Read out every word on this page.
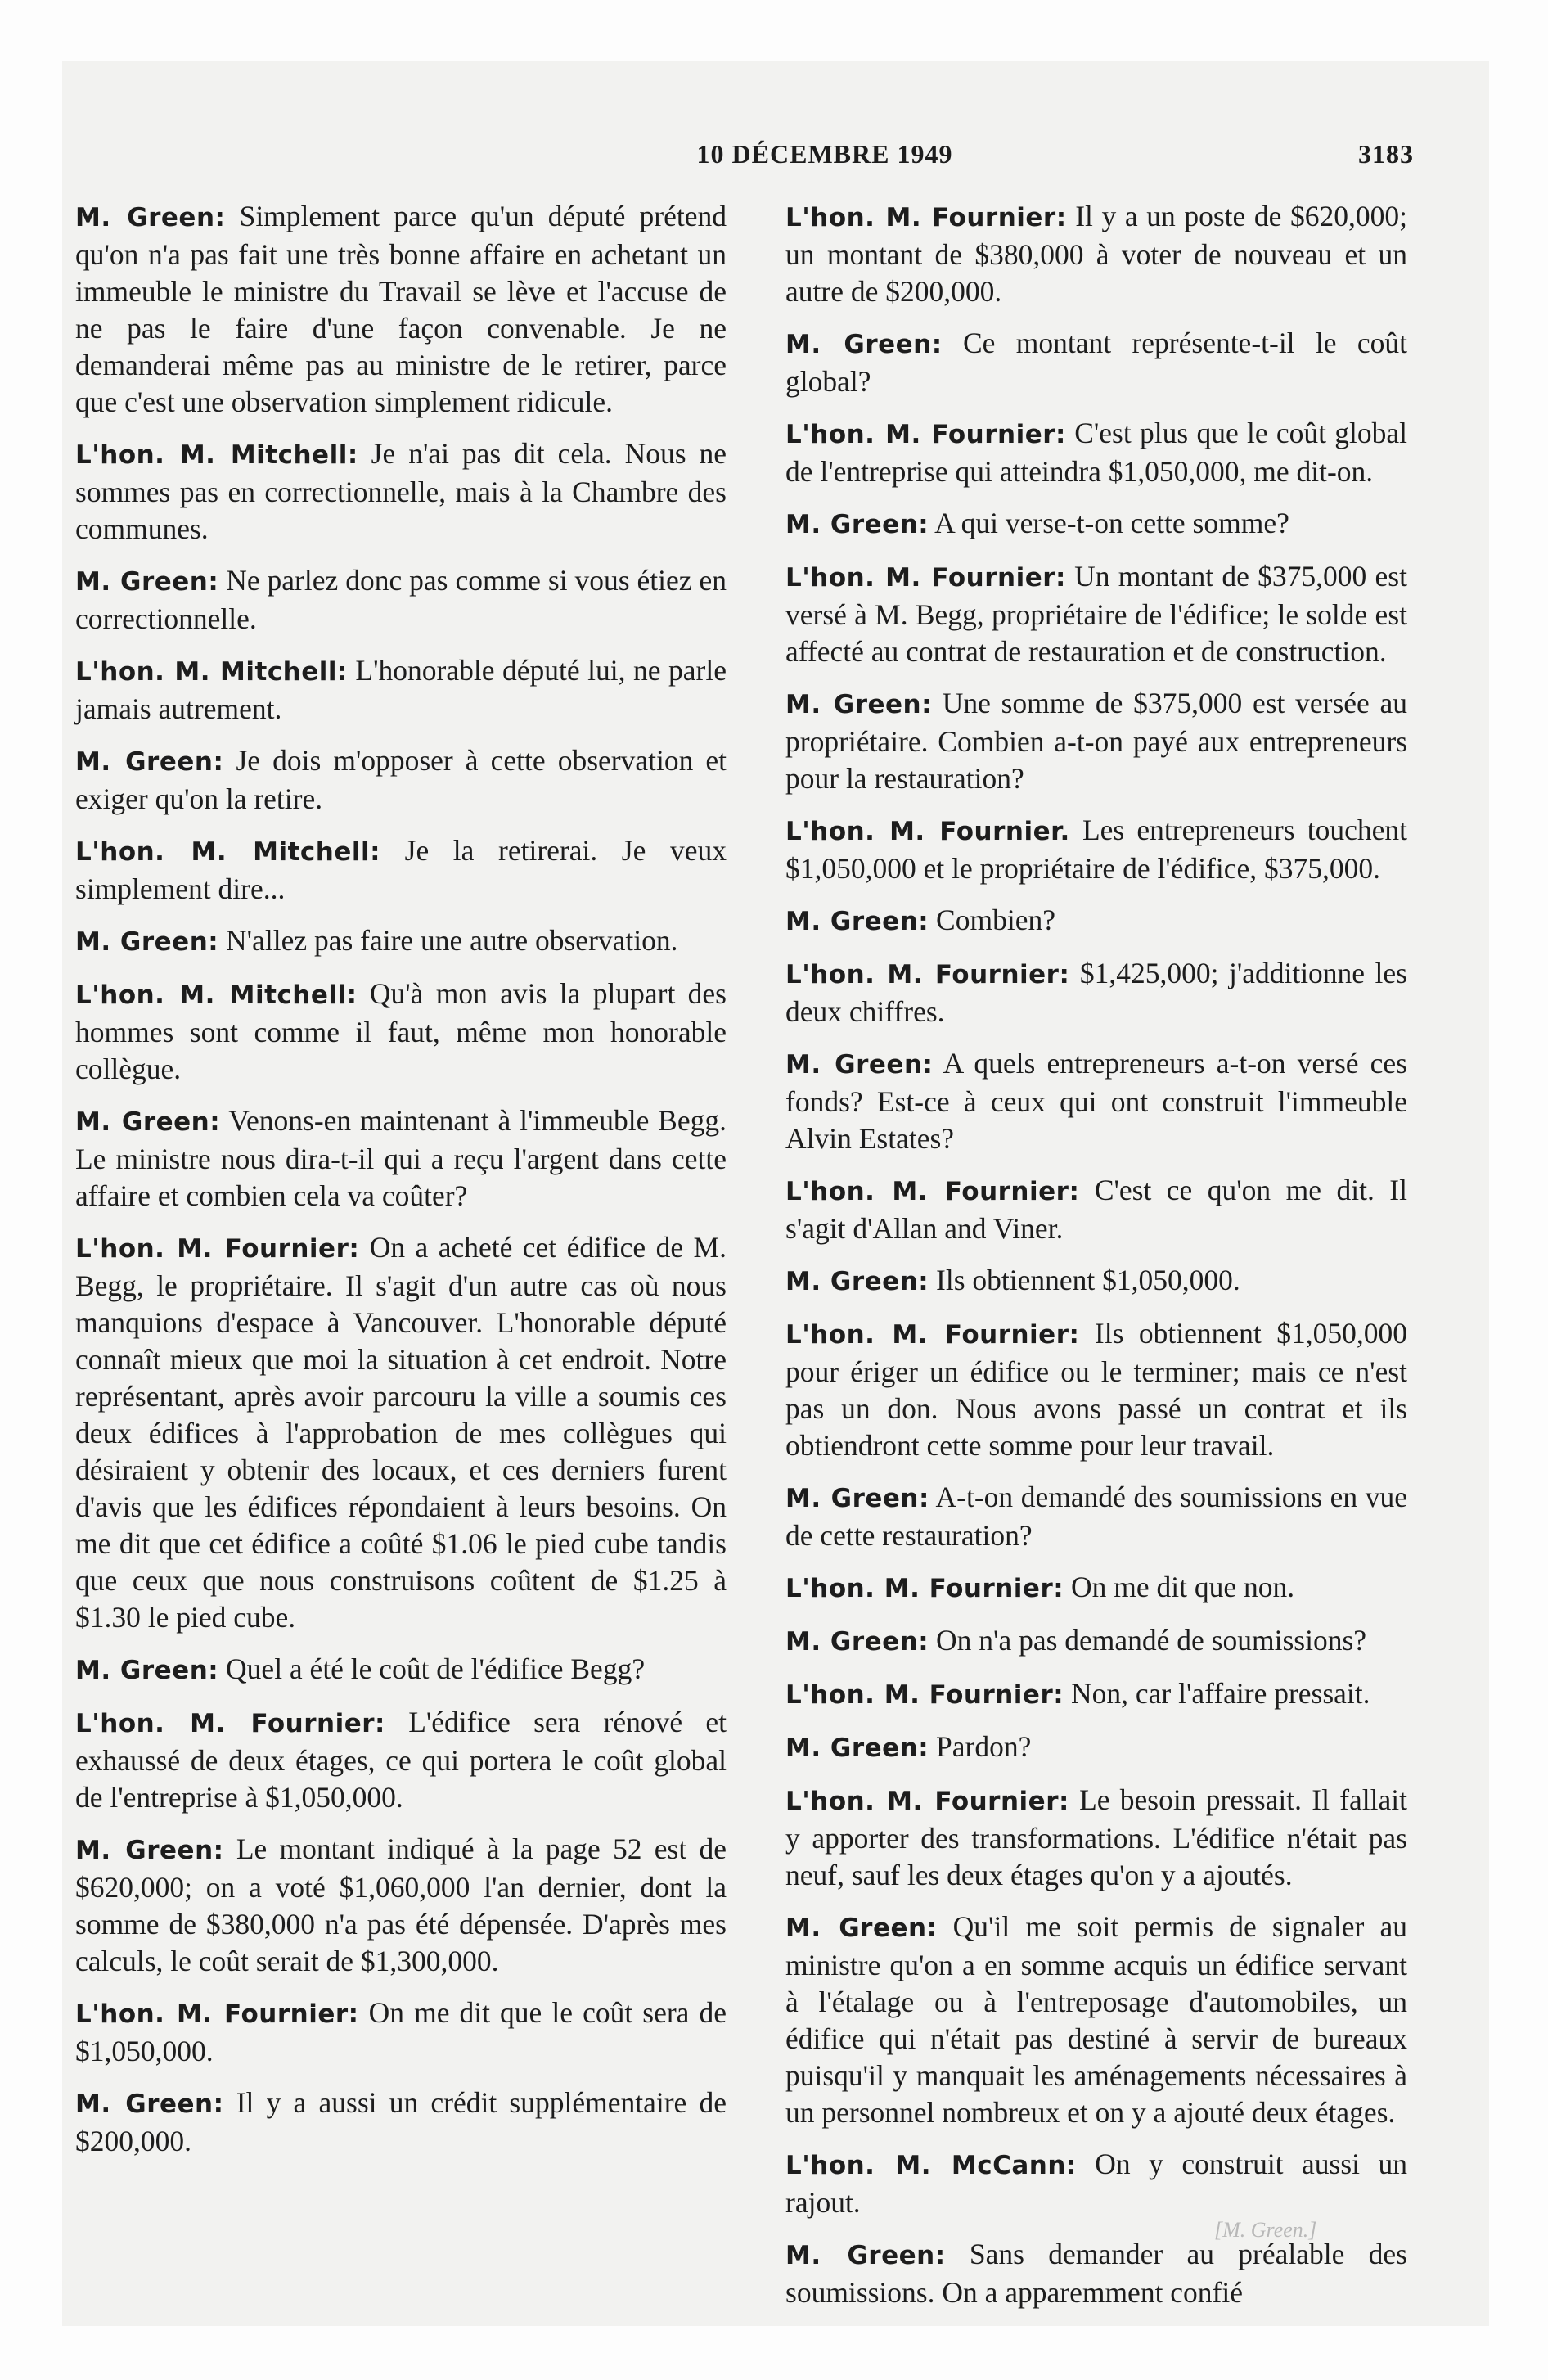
10 DÉCEMBRE 1949	3183

M. Green: Simplement parce qu'un député prétend qu'on n'a pas fait une très bonne affaire en achetant un immeuble le ministre du Travail se lève et l'accuse de ne pas le faire d'une façon convenable. Je ne demanderai même pas au ministre de le retirer, parce que c'est une observation simplement ridicule.

L'hon. M. Mitchell: Je n'ai pas dit cela. Nous ne sommes pas en correctionnelle, mais à la Chambre des communes.

M. Green: Ne parlez donc pas comme si vous étiez en correctionnelle.

L'hon. M. Mitchell: L'honorable député lui, ne parle jamais autrement.

M. Green: Je dois m'opposer à cette observation et exiger qu'on la retire.

L'hon. M. Mitchell: Je la retirerai. Je veux simplement dire...

M. Green: N'allez pas faire une autre observation.

L'hon. M. Mitchell: Qu'à mon avis la plupart des hommes sont comme il faut, même mon honorable collègue.

M. Green: Venons-en maintenant à l'immeuble Begg. Le ministre nous dira-t-il qui a reçu l'argent dans cette affaire et combien cela va coûter?

L'hon. M. Fournier: On a acheté cet édifice de M. Begg, le propriétaire. Il s'agit d'un autre cas où nous manquions d'espace à Vancouver. L'honorable député connaît mieux que moi la situation à cet endroit. Notre représentant, après avoir parcouru la ville a soumis ces deux édifices à l'approbation de mes collègues qui désiraient y obtenir des locaux, et ces derniers furent d'avis que les édifices répondaient à leurs besoins. On me dit que cet édifice a coûté $1.06 le pied cube tandis que ceux que nous construisons coûtent de $1.25 à $1.30 le pied cube.

M. Green: Quel a été le coût de l'édifice Begg?

L'hon. M. Fournier: L'édifice sera rénové et exhaussé de deux étages, ce qui portera le coût global de l'entreprise à $1,050,000.

M. Green: Le montant indiqué à la page 52 est de $620,000; on a voté $1,060,000 l'an dernier, dont la somme de $380,000 n'a pas été dépensée. D'après mes calculs, le coût serait de $1,300,000.

L'hon. M. Fournier: On me dit que le coût sera de $1,050,000.

M. Green: Il y a aussi un crédit supplémentaire de $200,000.

L'hon. M. Fournier: Il y a un poste de $620,000; un montant de $380,000 à voter de nouveau et un autre de $200,000.

M. Green: Ce montant représente-t-il le coût global?

L'hon. M. Fournier: C'est plus que le coût global de l'entreprise qui atteindra $1,050,000, me dit-on.

M. Green: A qui verse-t-on cette somme?

L'hon. M. Fournier: Un montant de $375,000 est versé à M. Begg, propriétaire de l'édifice; le solde est affecté au contrat de restauration et de construction.

M. Green: Une somme de $375,000 est versée au propriétaire. Combien a-t-on payé aux entrepreneurs pour la restauration?

L'hon. M. Fournier. Les entrepreneurs touchent $1,050,000 et le propriétaire de l'édifice, $375,000.

M. Green: Combien?

L'hon. M. Fournier: $1,425,000; j'additionne les deux chiffres.

M. Green: A quels entrepreneurs a-t-on versé ces fonds? Est-ce à ceux qui ont construit l'immeuble Alvin Estates?

L'hon. M. Fournier: C'est ce qu'on me dit. Il s'agit d'Allan and Viner.

M. Green: Ils obtiennent $1,050,000.

L'hon. M. Fournier: Ils obtiennent $1,050,000 pour ériger un édifice ou le terminer; mais ce n'est pas un don. Nous avons passé un contrat et ils obtiendront cette somme pour leur travail.

M. Green: A-t-on demandé des soumissions en vue de cette restauration?

L'hon. M. Fournier: On me dit que non.

M. Green: On n'a pas demandé de soumissions?

L'hon. M. Fournier: Non, car l'affaire pressait.

M. Green: Pardon?

L'hon. M. Fournier: Le besoin pressait. Il fallait y apporter des transformations. L'édifice n'était pas neuf, sauf les deux étages qu'on y a ajoutés.

M. Green: Qu'il me soit permis de signaler au ministre qu'on a en somme acquis un édifice servant à l'étalage ou à l'entreposage d'automobiles, un édifice qui n'était pas destiné à servir de bureaux puisqu'il y manquait les aménagements nécessaires à un personnel nombreux et on y a ajouté deux étages.

L'hon. M. McCann: On y construit aussi un rajout.

M. Green: Sans demander au préalable des soumissions. On a apparemment confié

[M. Green.]
